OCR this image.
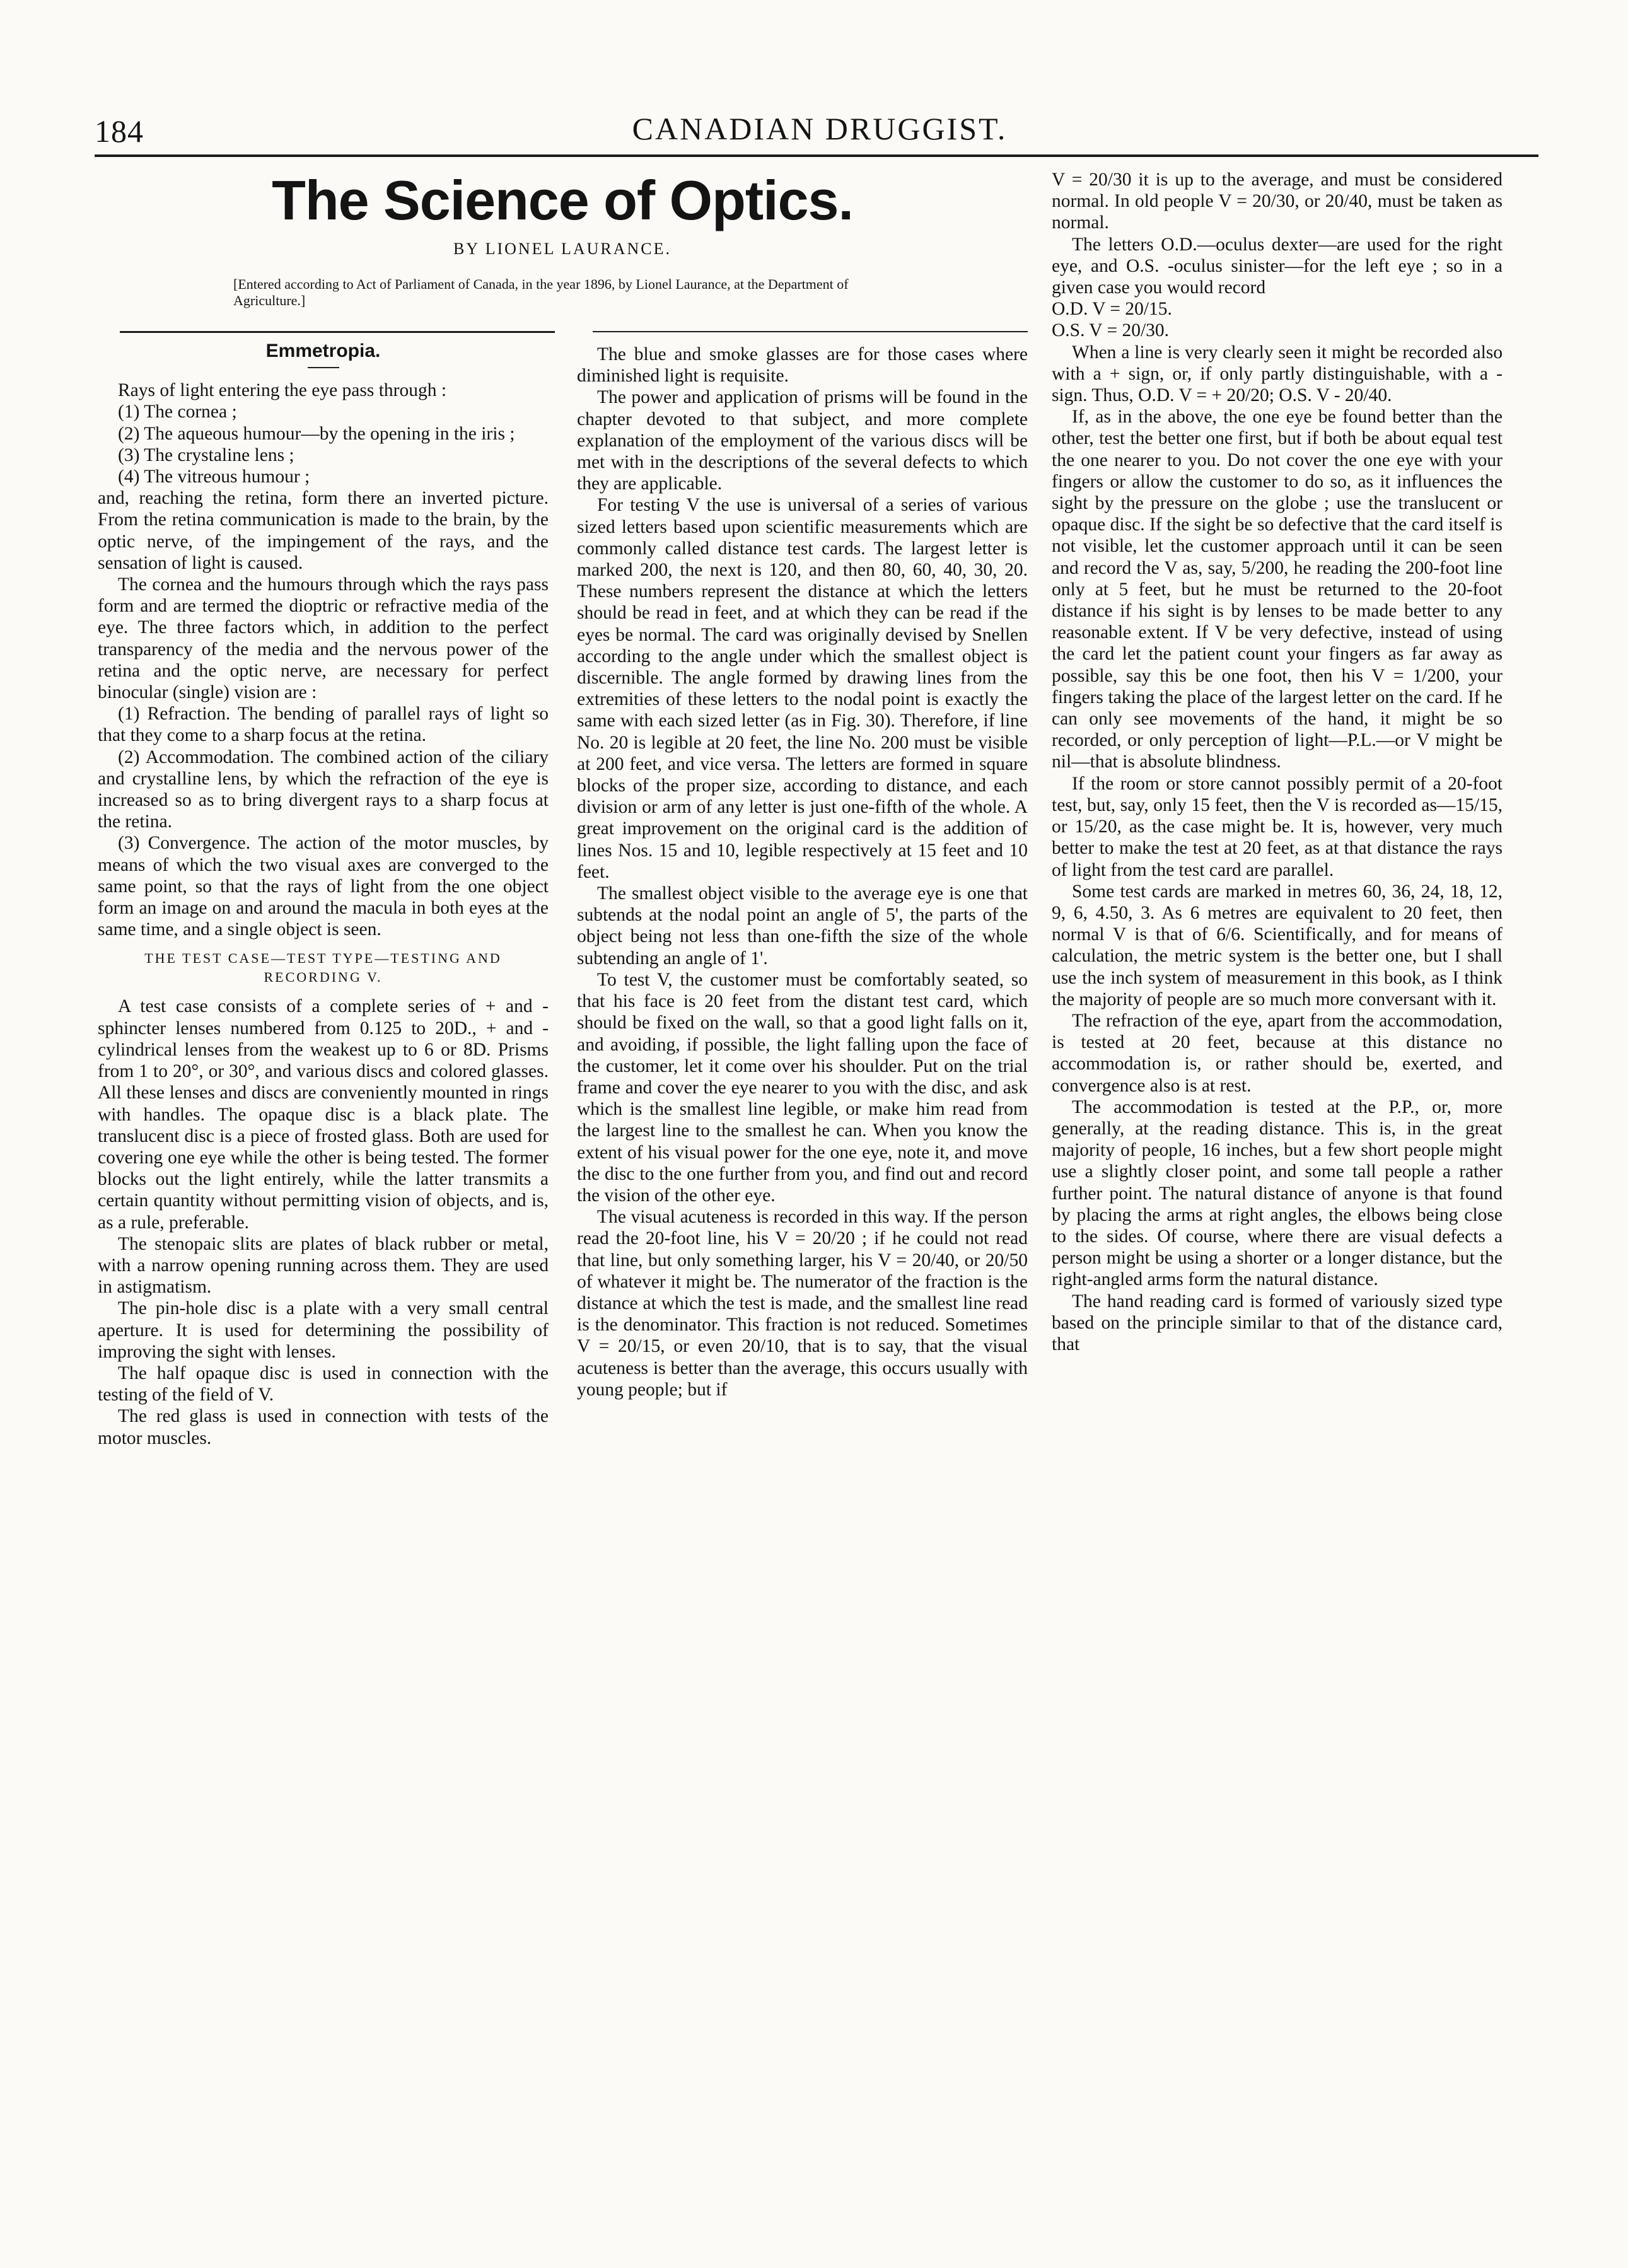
184	CANADIAN DRUGGIST.
The Science of Optics.
BY LIONEL LAURANCE.
[Entered according to Act of Parliament of Canada, in the year 1896, by Lionel Laurance, at the Department of Agriculture.]
Emmetropia.

Rays of light entering the eye pass through :

(1) The cornea ;

(2) The aqueous humour—by the opening in the iris ;

(3) The crystaline lens ;

(4) The vitreous humour ;

and, reaching the retina, form there an inverted picture. From the retina communication is made to the brain, by the optic nerve, of the impingement of the rays, and the sensation of light is caused.

The cornea and the humours through which the rays pass form and are termed the dioptric or refractive media of the eye. The three factors which, in addition to the perfect transparency of the media and the nervous power of the retina and the optic nerve, are necessary for perfect binocular (single) vision are :

(1) Refraction. The bending of parallel rays of light so that they come to a sharp focus at the retina.

(2) Accommodation. The combined action of the ciliary and crystalline lens, by which the refraction of the eye is increased so as to bring divergent rays to a sharp focus at the retina.

(3) Convergence. The action of the motor muscles, by means of which the two visual axes are converged to the same point, so that the rays of light from the one object form an image on and around the macula in both eyes at the same time, and a single object is seen.

THE TEST CASE—TEST TYPE—TESTING AND RECORDING V.

A test case consists of a complete series of + and - sphincter lenses numbered from 0.125 to 20D., + and - cylindrical lenses from the weakest up to 6 or 8D. Prisms from 1 to 20°, or 30°, and various discs and colored glasses. All these lenses and discs are conveniently mounted in rings with handles. The opaque disc is a black plate. The translucent disc is a piece of frosted glass. Both are used for covering one eye while the other is being tested. The former blocks out the light entirely, while the latter transmits a certain quantity without permitting vision of objects, and is, as a rule, preferable.

The stenopaic slits are plates of black rubber or metal, with a narrow opening running across them. They are used in astigmatism.

The pin-hole disc is a plate with a very small central aperture. It is used for determining the possibility of improving the sight with lenses.

The half opaque disc is used in connection with the testing of the field of V.

The red glass is used in connection with tests of the motor muscles.

The blue and smoke glasses are for those cases where diminished light is requisite.

The power and application of prisms will be found in the chapter devoted to that subject, and more complete explanation of the employment of the various discs will be met with in the descriptions of the several defects to which they are applicable.

For testing V the use is universal of a series of various sized letters based upon scientific measurements which are commonly called distance test cards. The largest letter is marked 200, the next is 120, and then 80, 60, 40, 30, 20. These numbers represent the distance at which the letters should be read in feet, and at which they can be read if the eyes be normal. The card was originally devised by Snellen according to the angle under which the smallest object is discernible. The angle formed by drawing lines from the extremities of these letters to the nodal point is exactly the same with each sized letter (as in Fig. 30). Therefore, if line No. 20 is legible at 20 feet, the line No. 200 must be visible at 200 feet, and vice versa. The letters are formed in square blocks of the proper size, according to distance, and each division or arm of any letter is just one-fifth of the whole. A great improvement on the original card is the addition of lines Nos. 15 and 10, legible respectively at 15 feet and 10 feet.

The smallest object visible to the average eye is one that subtends at the nodal point an angle of 5', the parts of the object being not less than one-fifth the size of the whole subtending an angle of 1'.

To test V, the customer must be comfortably seated, so that his face is 20 feet from the distant test card, which should be fixed on the wall, so that a good light falls on it, and avoiding, if possible, the light falling upon the face of the customer, let it come over his shoulder. Put on the trial frame and cover the eye nearer to you with the disc, and ask which is the smallest line legible, or make him read from the largest line to the smallest he can. When you know the extent of his visual power for the one eye, note it, and move the disc to the one further from you, and find out and record the vision of the other eye.

The visual acuteness is recorded in this way. If the person read the 20-foot line, his V = 20/20 ; if he could not read that line, but only something larger, his V = 20/40, or 20/50 of whatever it might be. The numerator of the fraction is the distance at which the test is made, and the smallest line read is the denominator. This fraction is not reduced. Sometimes V = 20/15, or even 20/10, that is to say, that the visual acuteness is better than the average, this occurs usually with young people; but if

V = 20/30 it is up to the average, and must be considered normal. In old people V = 20/30, or 20/40, must be taken as normal.

The letters O.D.—oculus dexter—are used for the right eye, and O.S. -oculus sinister—for the left eye ; so in a given case you would record

O.D. V = 20/15.

O.S. V = 20/30.

When a line is very clearly seen it might be recorded also with a + sign, or, if only partly distinguishable, with a - sign. Thus, O.D. V = + 20/20; O.S. V - 20/40.

If, as in the above, the one eye be found better than the other, test the better one first, but if both be about equal test the one nearer to you. Do not cover the one eye with your fingers or allow the customer to do so, as it influences the sight by the pressure on the globe ; use the translucent or opaque disc. If the sight be so defective that the card itself is not visible, let the customer approach until it can be seen and record the V as, say, 5/200, he reading the 200-foot line only at 5 feet, but he must be returned to the 20-foot distance if his sight is by lenses to be made better to any reasonable extent. If V be very defective, instead of using the card let the patient count your fingers as far away as possible, say this be one foot, then his V = 1/200, your fingers taking the place of the largest letter on the card. If he can only see movements of the hand, it might be so recorded, or only perception of light—P.L.—or V might be nil—that is absolute blindness.

If the room or store cannot possibly permit of a 20-foot test, but, say, only 15 feet, then the V is recorded as—15/15, or 15/20, as the case might be. It is, however, very much better to make the test at 20 feet, as at that distance the rays of light from the test card are parallel.

Some test cards are marked in metres 60, 36, 24, 18, 12, 9, 6, 4.50, 3. As 6 metres are equivalent to 20 feet, then normal V is that of 6/6. Scientifically, and for means of calculation, the metric system is the better one, but I shall use the inch system of measurement in this book, as I think the majority of people are so much more conversant with it.

The refraction of the eye, apart from the accommodation, is tested at 20 feet, because at this distance no accommodation is, or rather should be, exerted, and convergence also is at rest.

The accommodation is tested at the P.P., or, more generally, at the reading distance. This is, in the great majority of people, 16 inches, but a few short people might use a slightly closer point, and some tall people a rather further point. The natural distance of anyone is that found by placing the arms at right angles, the elbows being close to the sides. Of course, where there are visual defects a person might be using a shorter or a longer distance, but the right-angled arms form the natural distance.

The hand reading card is formed of variously sized type based on the principle similar to that of the distance card, that
